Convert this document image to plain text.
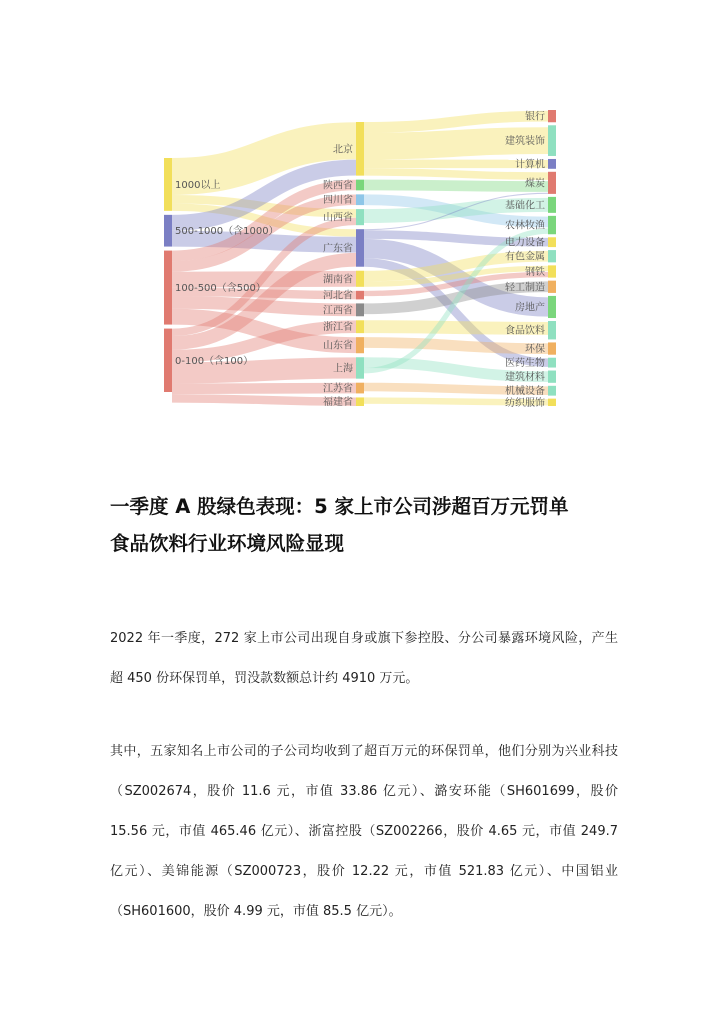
1000以上
500-1000（含1000）
100-500（含500）
0-100（含100）
北京
陕西省
四川省
山西省
广东省
湖南省
河北省
江西省
浙江省
山东省
上海
江苏省
福建省
银行
建筑装饰
计算机
煤炭
基础化工
农林牧渔
电力设备
有色金属
钢铁
轻工制造
房地产
食品饮料
环保
医药生物
建筑材料
机械设备
纺织服饰
一季度 A 股绿色表现：5 家上市公司涉超百万元罚单
食品饮料行业环境风险显现

2022 年一季度，272 家上市公司出现自身或旗下参控股、分公司暴露环境风险，产生超 450 份环保罚单，罚没款数额总计约 4910 万元。

其中，五家知名上市公司的子公司均收到了超百万元的环保罚单，他们分别为兴业科技（SZ002674，股价 11.6 元，市值 33.86 亿元）、潞安环能（SH601699，股价 15.56 元，市值 465.46 亿元）、浙富控股（SZ002266，股价 4.65 元，市值 249.7 亿元）、美锦能源（SZ000723，股价 12.22 元，市值 521.83 亿元）、中国铝业（SH601600，股价 4.99 元，市值 85.5 亿元）。
